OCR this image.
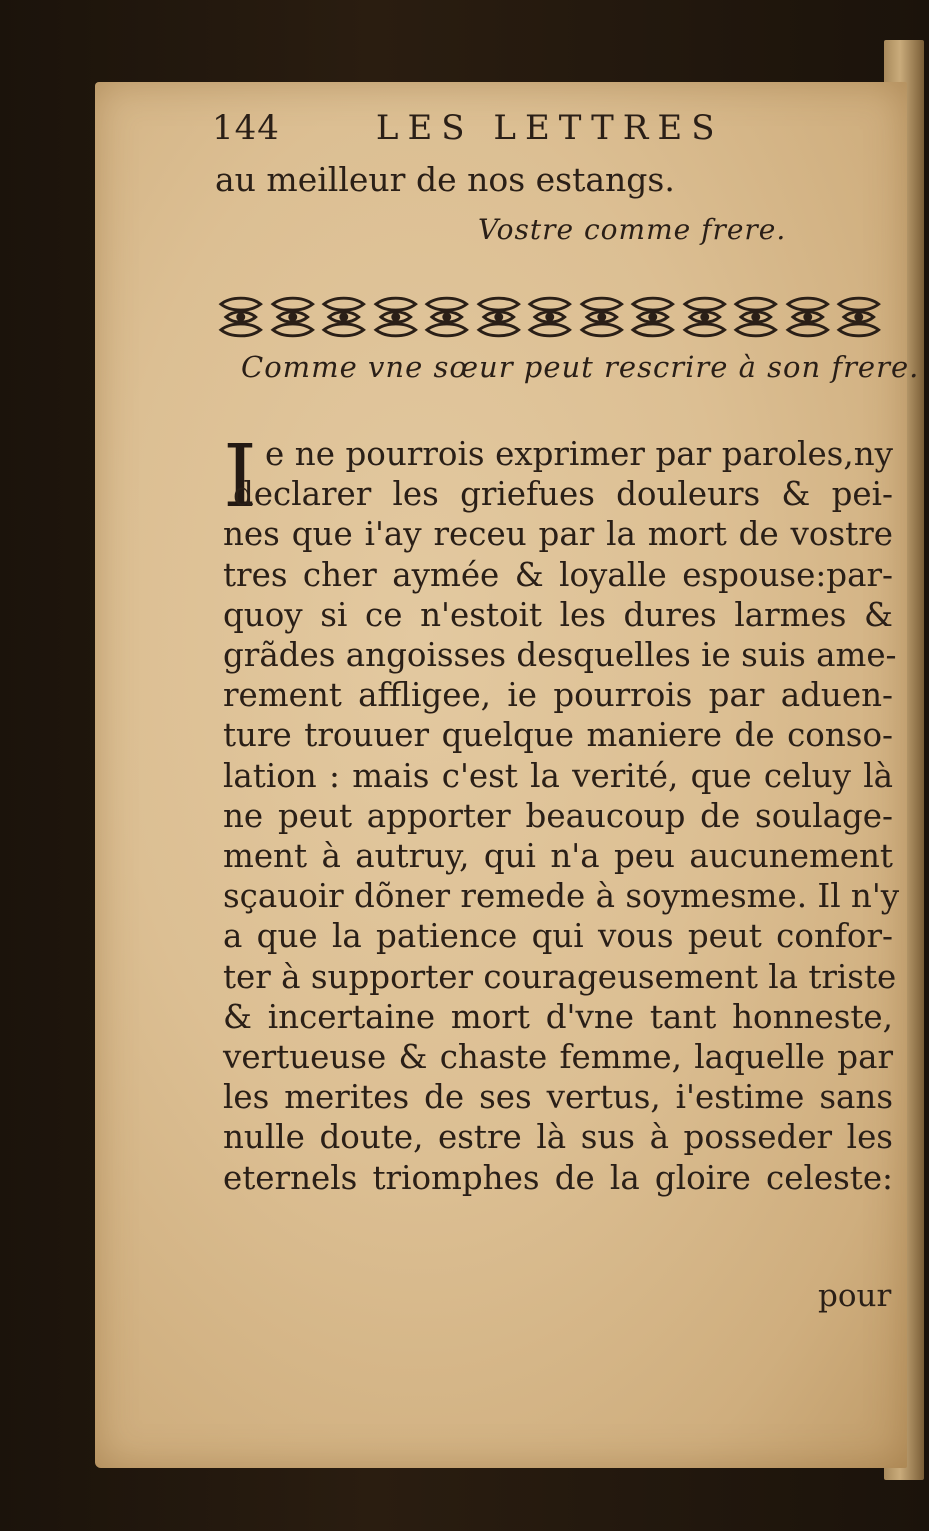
144	LES LETTRES
au meilleur de nos estangs.
Vostre comme frere.
Comme vne sœur peut rescrire à son frere.
I e ne pourrois exprimer par paroles,ny
declarer les griefues douleurs & pei-
nes que i'ay receu par la mort de vostre
tres cher aymée & loyalle espouse:par-
quoy si ce n'estoit les dures larmes &
grãdes angoisses desquelles ie suis ame-
rement affligee, ie pourrois par aduen-
ture trouuer quelque maniere de conso-
lation : mais c'est la verité, que celuy là
ne peut apporter beaucoup de soulage-
ment à autruy, qui n'a peu aucunement
sçauoir dõner remede à soymesme. Il n'y
a que la patience qui vous peut confor-
ter à supporter courageusement la triste
& incertaine mort d'vne tant honneste,
vertueuse & chaste femme, laquelle par
les merites de ses vertus, i'estime sans
nulle doute, estre là sus à posseder les
eternels triomphes de la gloire celeste:
pour
